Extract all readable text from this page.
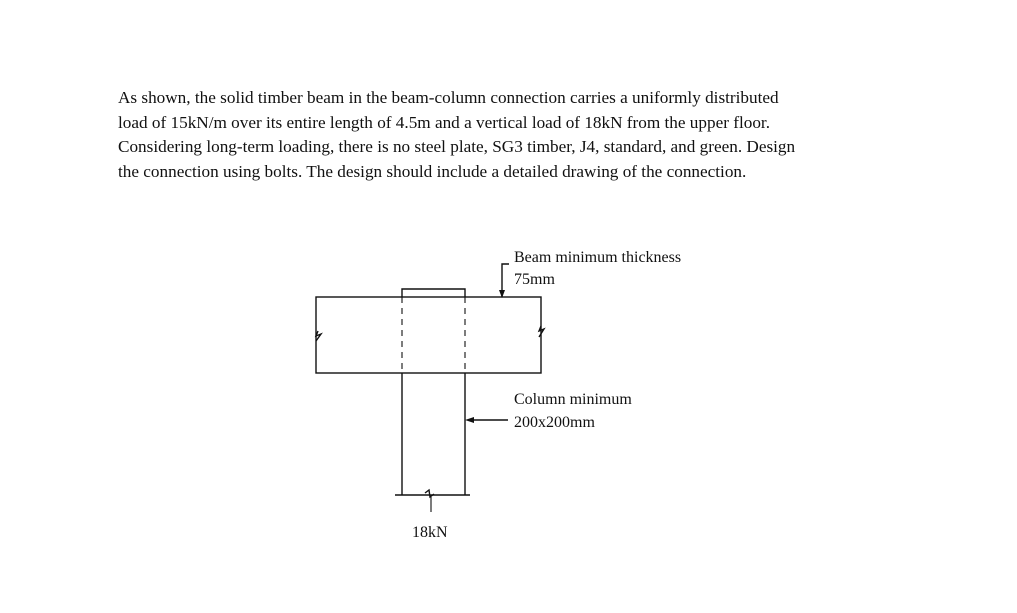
As shown, the solid timber beam in the beam-column connection carries a uniformly distributed
load of 15kN/m over its entire length of 4.5m and a vertical load of 18kN from the upper floor.
Considering long-term loading, there is no steel plate, SG3 timber, J4, standard, and green. Design
the connection using bolts. The design should include a detailed drawing of the connection.

Beam minimum thickness
75mm
Column minimum
200x200mm
18kN
